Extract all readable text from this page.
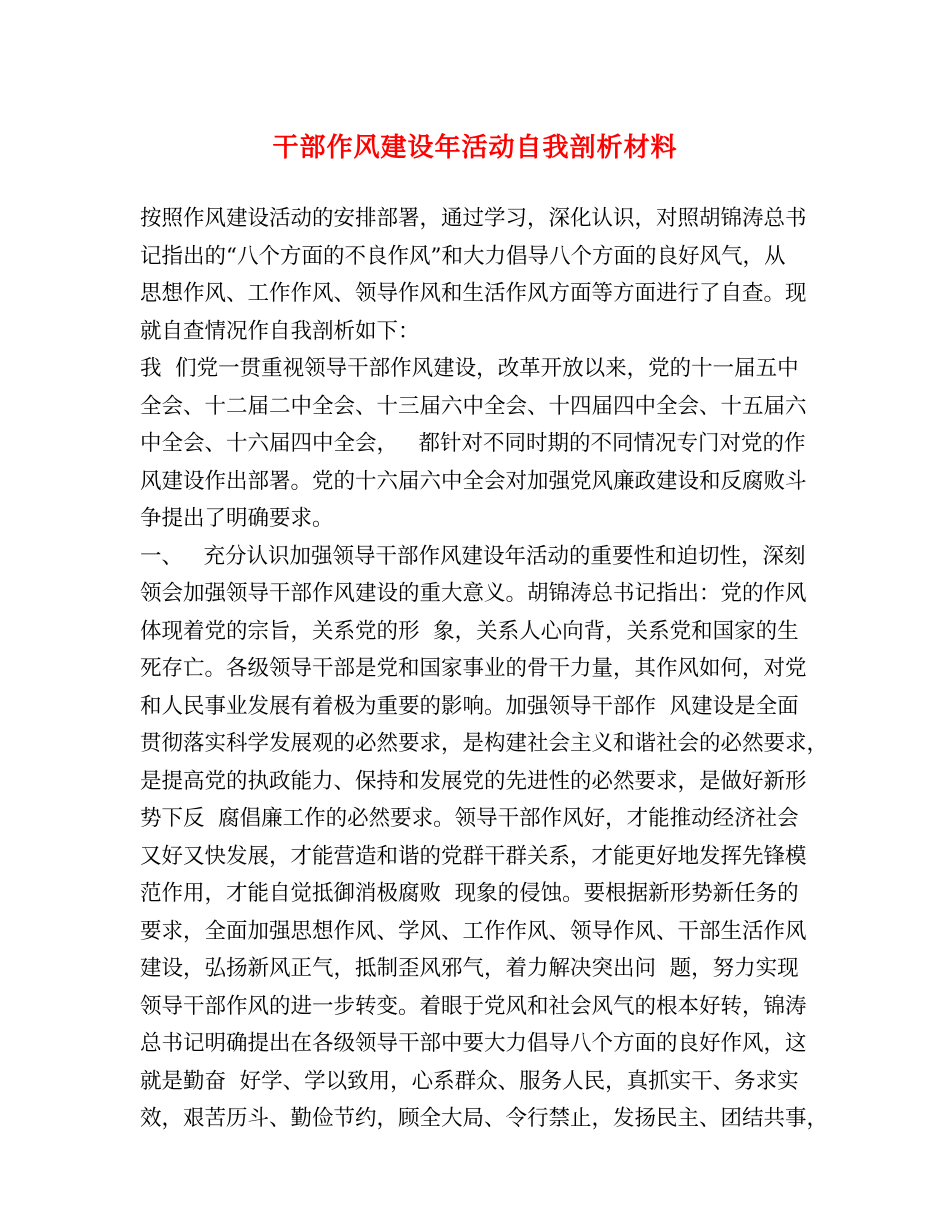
干部作风建设年活动自我剖析材料
按照作风建设活动的安排部署，通过学习，深化认识，对照胡锦涛总书
记指出的“八个方面的不良作风”和大力倡导八个方面的良好风气，从
思想作风、工作作风、领导作风和生活作风方面等方面进行了自查。现
就自查情况作自我剖析如下：
我  们党一贯重视领导干部作风建设，改革开放以来，党的十一届五中
全会、十二届二中全会、十三届六中全会、十四届四中全会、十五届六
中全会、十六届四中全会，   都针对不同时期的不同情况专门对党的作
风建设作出部署。党的十六届六中全会对加强党风廉政建设和反腐败斗
争提出了明确要求。
一、   充分认识加强领导干部作风建设年活动的重要性和迫切性，深刻
领会加强领导干部作风建设的重大意义。胡锦涛总书记指出：党的作风
体现着党的宗旨，关系党的形  象，关系人心向背，关系党和国家的生
死存亡。各级领导干部是党和国家事业的骨干力量，其作风如何，对党
和人民事业发展有着极为重要的影响。加强领导干部作  风建设是全面
贯彻落实科学发展观的必然要求，是构建社会主义和谐社会的必然要求，
是提高党的执政能力、保持和发展党的先进性的必然要求，是做好新形
势下反  腐倡廉工作的必然要求。领导干部作风好，才能推动经济社会
又好又快发展，才能营造和谐的党群干群关系，才能更好地发挥先锋模
范作用，才能自觉抵御消极腐败  现象的侵蚀。要根据新形势新任务的
要求，全面加强思想作风、学风、工作作风、领导作风、干部生活作风
建设，弘扬新风正气，抵制歪风邪气，着力解决突出问  题，努力实现
领导干部作风的进一步转变。着眼于党风和社会风气的根本好转，锦涛
总书记明确提出在各级领导干部中要大力倡导八个方面的良好作风，这
就是勤奋  好学、学以致用，心系群众、服务人民，真抓实干、务求实
效，艰苦历斗、勤俭节约，顾全大局、令行禁止，发扬民主、团结共事，
